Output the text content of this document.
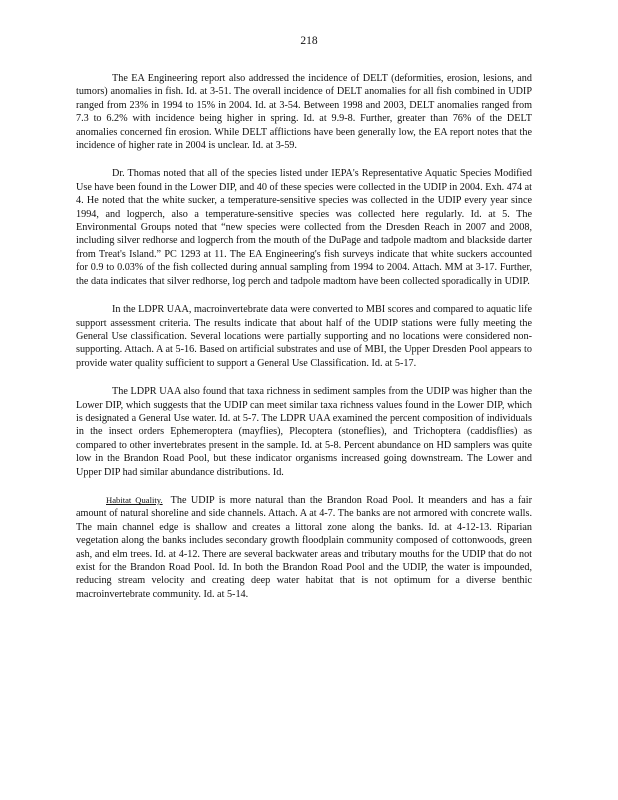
218

The EA Engineering report also addressed the incidence of DELT (deformities, erosion, lesions, and tumors) anomalies in fish. Id. at 3-51. The overall incidence of DELT anomalies for all fish combined in UDIP ranged from 23% in 1994 to 15% in 2004. Id. at 3-54. Between 1998 and 2003, DELT anomalies ranged from 7.3 to 6.2% with incidence being higher in spring. Id. at 9.9-8. Further, greater than 76% of the DELT anomalies concerned fin erosion. While DELT afflictions have been generally low, the EA report notes that the incidence of higher rate in 2004 is unclear. Id. at 3-59.

Dr. Thomas noted that all of the species listed under IEPA's Representative Aquatic Species Modified Use have been found in the Lower DIP, and 40 of these species were collected in the UDIP in 2004. Exh. 474 at 4. He noted that the white sucker, a temperature-sensitive species was collected in the UDIP every year since 1994, and logperch, also a temperature-sensitive species was collected here regularly. Id. at 5. The Environmental Groups noted that “new species were collected from the Dresden Reach in 2007 and 2008, including silver redhorse and logperch from the mouth of the DuPage and tadpole madtom and blackside darter from Treat's Island.” PC 1293 at 11. The EA Engineering's fish surveys indicate that white suckers accounted for 0.9 to 0.03% of the fish collected during annual sampling from 1994 to 2004. Attach. MM at 3-17. Further, the data indicates that silver redhorse, log perch and tadpole madtom have been collected sporadically in UDIP.

In the LDPR UAA, macroinvertebrate data were converted to MBI scores and compared to aquatic life support assessment criteria. The results indicate that about half of the UDIP stations were fully meeting the General Use classification. Several locations were partially supporting and no locations were considered non-supporting. Attach. A at 5-16. Based on artificial substrates and use of MBI, the Upper Dresden Pool appears to provide water quality sufficient to support a General Use Classification. Id. at 5-17.

The LDPR UAA also found that taxa richness in sediment samples from the UDIP was higher than the Lower DIP, which suggests that the UDIP can meet similar taxa richness values found in the Lower DIP, which is designated a General Use water. Id. at 5-7. The LDPR UAA examined the percent composition of individuals in the insect orders Ephemeroptera (mayflies), Plecoptera (stoneflies), and Trichoptera (caddisflies) as compared to other invertebrates present in the sample. Id. at 5-8. Percent abundance on HD samplers was quite low in the Brandon Road Pool, but these indicator organisms increased going downstream. The Lower and Upper DIP had similar abundance distributions. Id.

Habitat Quality. The UDIP is more natural than the Brandon Road Pool. It meanders and has a fair amount of natural shoreline and side channels. Attach. A at 4-7. The banks are not armored with concrete walls. The main channel edge is shallow and creates a littoral zone along the banks. Id. at 4-12-13. Riparian vegetation along the banks includes secondary growth floodplain community composed of cottonwoods, green ash, and elm trees. Id. at 4-12. There are several backwater areas and tributary mouths for the UDIP that do not exist for the Brandon Road Pool. Id. In both the Brandon Road Pool and the UDIP, the water is impounded, reducing stream velocity and creating deep water habitat that is not optimum for a diverse benthic macroinvertebrate community. Id. at 5-14.
